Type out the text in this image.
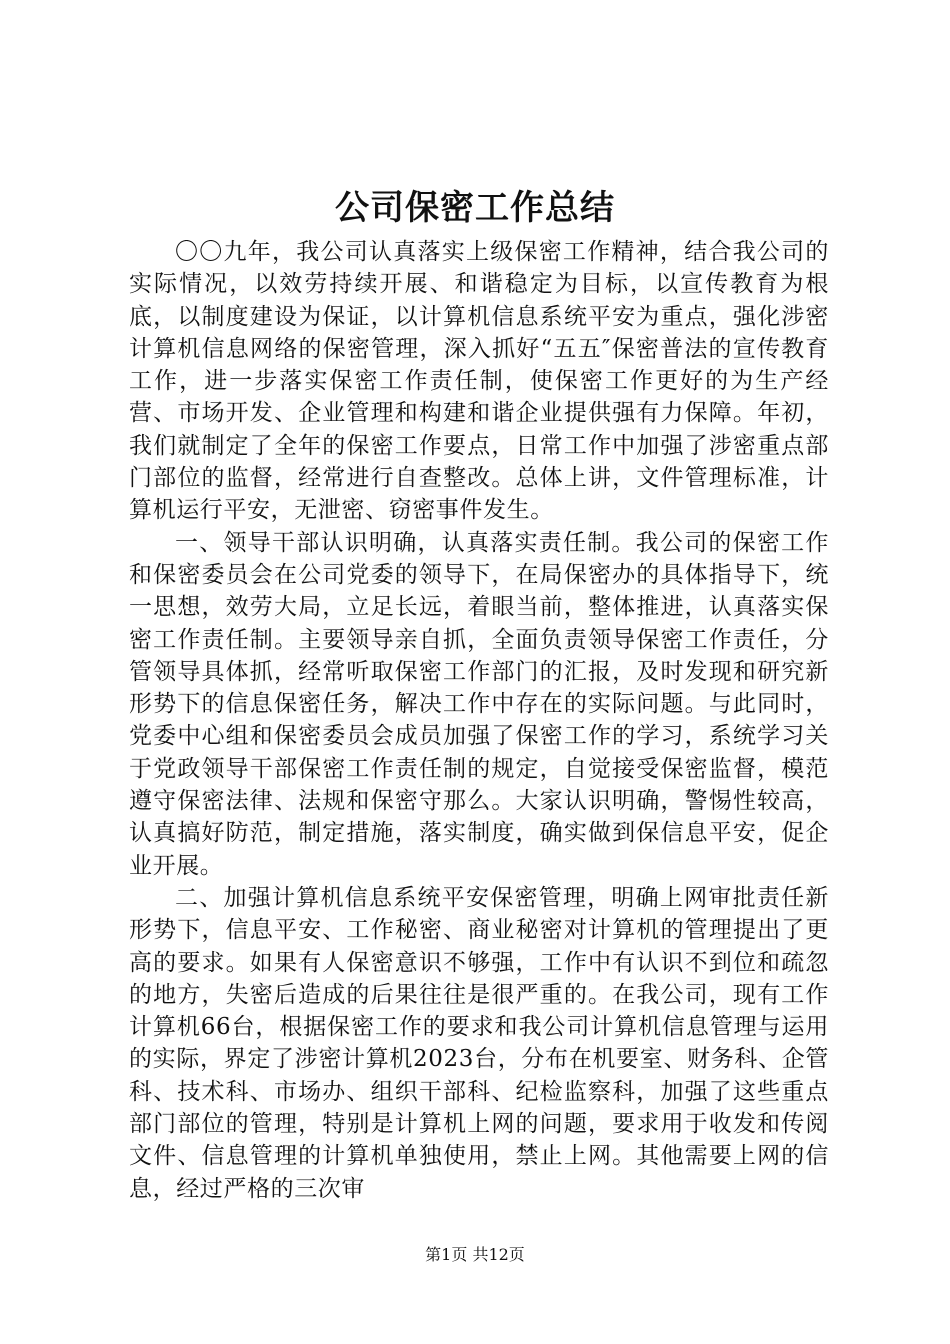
公司保密工作总结

〇〇九年，我公司认真落实上级保密工作精神，结合我公司的实际情况，以效劳持续开展、和谐稳定为目标，以宣传教育为根底，以制度建设为保证，以计算机信息系统平安为重点，强化涉密计算机信息网络的保密管理，深入抓好“五五″保密普法的宣传教育工作，进一步落实保密工作责任制，使保密工作更好的为生产经营、市场开发、企业管理和构建和谐企业提供强有力保障。年初，我们就制定了全年的保密工作要点，日常工作中加强了涉密重点部门部位的监督，经常进行自查整改。总体上讲，文件管理标准，计算机运行平安，无泄密、窃密事件发生。

一、领导干部认识明确，认真落实责任制。我公司的保密工作和保密委员会在公司党委的领导下，在局保密办的具体指导下，统一思想，效劳大局，立足长远，着眼当前，整体推进，认真落实保密工作责任制。主要领导亲自抓，全面负责领导保密工作责任，分管领导具体抓，经常听取保密工作部门的汇报，及时发现和研究新形势下的信息保密任务，解决工作中存在的实际问题。与此同时，党委中心组和保密委员会成员加强了保密工作的学习，系统学习关于党政领导干部保密工作责任制的规定，自觉接受保密监督，模范遵守保密法律、法规和保密守那么。大家认识明确，警惕性较高，认真搞好防范，制定措施，落实制度，确实做到保信息平安，促企业开展。

二、加强计算机信息系统平安保密管理，明确上网审批责任新形势下，信息平安、工作秘密、商业秘密对计算机的管理提出了更高的要求。如果有人保密意识不够强，工作中有认识不到位和疏忽的地方，失密后造成的后果往往是很严重的。在我公司，现有工作计算机66台，根据保密工作的要求和我公司计算机信息管理与运用的实际，界定了涉密计算机2023台，分布在机要室、财务科、企管科、技术科、市场办、组织干部科、纪检监察科，加强了这些重点部门部位的管理，特别是计算机上网的问题，要求用于收发和传阅文件、信息管理的计算机单独使用，禁止上网。其他需要上网的信息，经过严格的三次审

第1页 共12页
